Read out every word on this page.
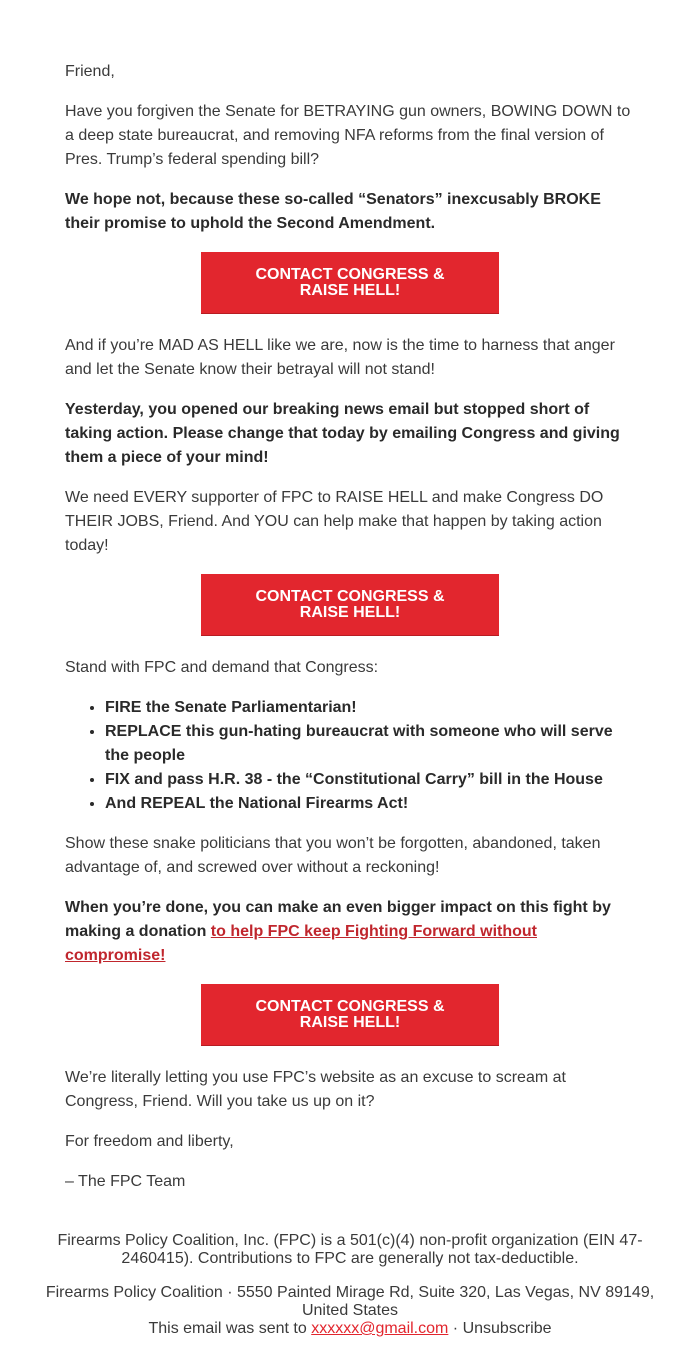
Friend,

Have you forgiven the Senate for BETRAYING gun owners, BOWING DOWN to a deep state bureaucrat, and removing NFA reforms from the final version of Pres. Trump’s federal spending bill?

We hope not, because these so-called “Senators” inexcusably BROKE their promise to uphold the Second Amendment.

CONTACT CONGRESS &
RAISE HELL!

And if you’re MAD AS HELL like we are, now is the time to harness that anger and let the Senate know their betrayal will not stand!

Yesterday, you opened our breaking news email but stopped short of taking action. Please change that today by emailing Congress and giving them a piece of your mind!

We need EVERY supporter of FPC to RAISE HELL and make Congress DO THEIR JOBS, Friend. And YOU can help make that happen by taking action today!

CONTACT CONGRESS &
RAISE HELL!

Stand with FPC and demand that Congress:

• FIRE the Senate Parliamentarian!
• REPLACE this gun-hating bureaucrat with someone who will serve the people
• FIX and pass H.R. 38 - the “Constitutional Carry” bill in the House
• And REPEAL the National Firearms Act!

Show these snake politicians that you won’t be forgotten, abandoned, taken advantage of, and screwed over without a reckoning!

When you’re done, you can make an even bigger impact on this fight by making a donation to help FPC keep Fighting Forward without compromise!

CONTACT CONGRESS &
RAISE HELL!

We’re literally letting you use FPC’s website as an excuse to scream at Congress, Friend. Will you take us up on it?

For freedom and liberty,

– The FPC Team

Firearms Policy Coalition, Inc. (FPC) is a 501(c)(4) non-profit organization (EIN 47-2460415). Contributions to FPC are generally not tax-deductible.

Firearms Policy Coalition · 5550 Painted Mirage Rd, Suite 320, Las Vegas, NV 89149, United States

This email was sent to xxxxxx@gmail.com · Unsubscribe
